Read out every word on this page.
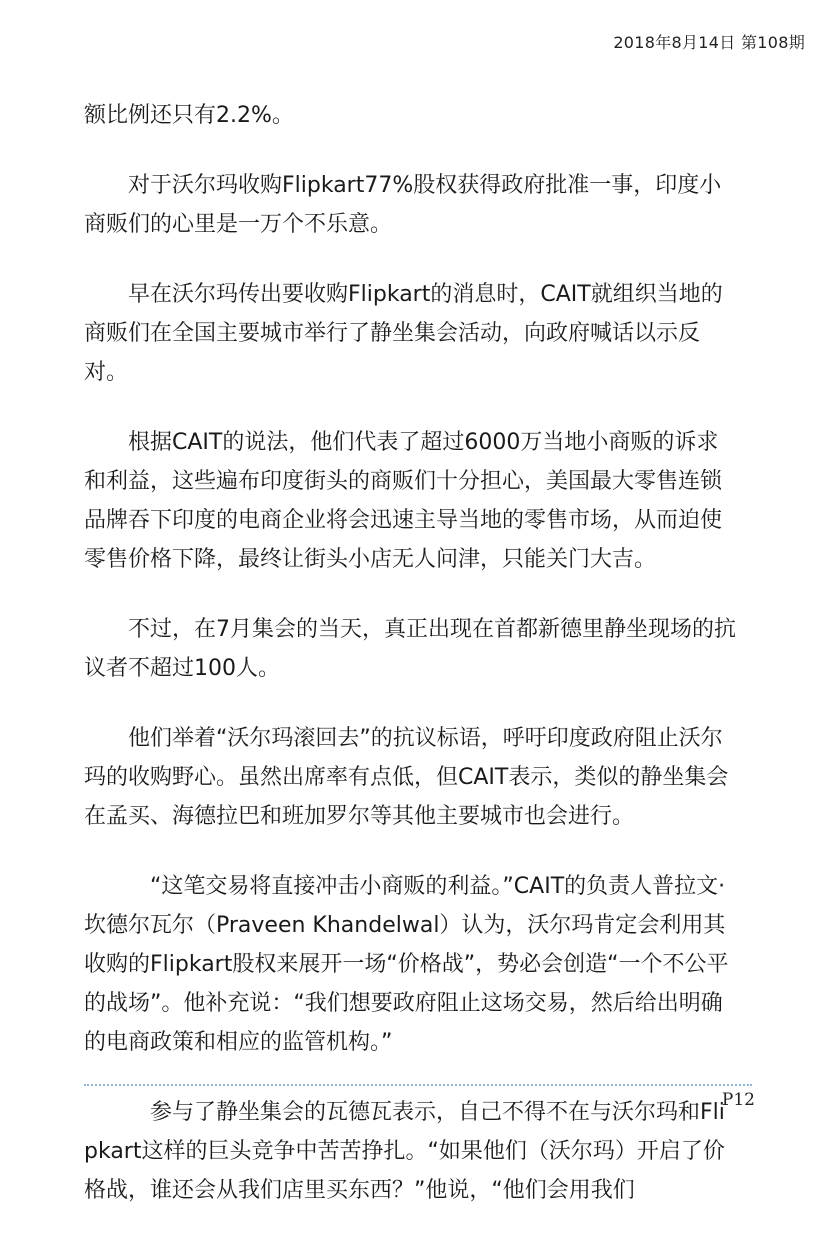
2018年8月14日 第108期

额比例还只有2.2%。

对于沃尔玛收购Flipkart77%股权获得政府批准一事，印度小商贩们的心里是一万个不乐意。

早在沃尔玛传出要收购Flipkart的消息时，CAIT就组织当地的商贩们在全国主要城市举行了静坐集会活动，向政府喊话以示反对。

根据CAIT的说法，他们代表了超过6000万当地小商贩的诉求和利益，这些遍布印度街头的商贩们十分担心，美国最大零售连锁品牌吞下印度的电商企业将会迅速主导当地的零售市场，从而迫使零售价格下降，最终让街头小店无人问津，只能关门大吉。

不过，在7月集会的当天，真正出现在首都新德里静坐现场的抗议者不超过100人。

他们举着“沃尔玛滚回去”的抗议标语，呼吁印度政府阻止沃尔玛的收购野心。虽然出席率有点低，但CAIT表示，类似的静坐集会在孟买、海德拉巴和班加罗尔等其他主要城市也会进行。

“这笔交易将直接冲击小商贩的利益。”CAIT的负责人普拉文·坎德尔瓦尔（Praveen Khandelwal）认为，沃尔玛肯定会利用其收购的Flipkart股权来展开一场“价格战”，势必会创造“一个不公平的战场”。他补充说：“我们想要政府阻止这场交易，然后给出明确的电商政策和相应的监管机构。”

参与了静坐集会的瓦德瓦表示，自己不得不在与沃尔玛和Flipkart这样的巨头竞争中苦苦挣扎。“如果他们（沃尔玛）开启了价格战，谁还会从我们店里买东西？”他说，“他们会用我们

P12
